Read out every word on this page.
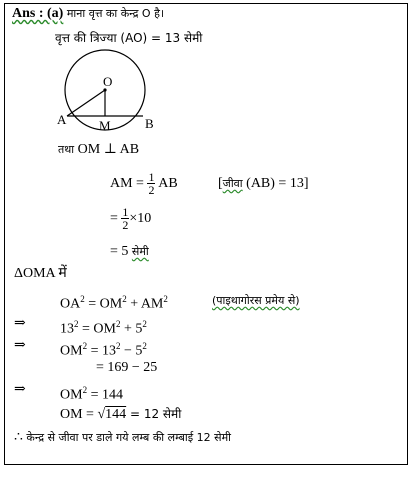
Ans : (a) माना वृत्त का केन्द्र O है।
वृत्त की त्रिज्या (AO) = 13 सेमी
O
A	M	B
तथा OM ⊥ AB
AM = $\frac{1}{2}$ AB	[जीवा (AB) = 13]
= $\frac{1}{2} \times 10$
= 5 सेमी
ΔOMA में
$OA^2 = OM^2 + AM^2$	(पाइथागोरस प्रमेय से)
⇒ $13^2 = OM^2 + 5^2$
⇒ $OM^2 = 13^2 - 5^2$
= 169 − 25
⇒ $OM^2 = 144$
OM = √144 = 12 सेमी
∴ केन्द्र से जीवा पर डाले गये लम्ब की लम्बाई 12 सेमी
